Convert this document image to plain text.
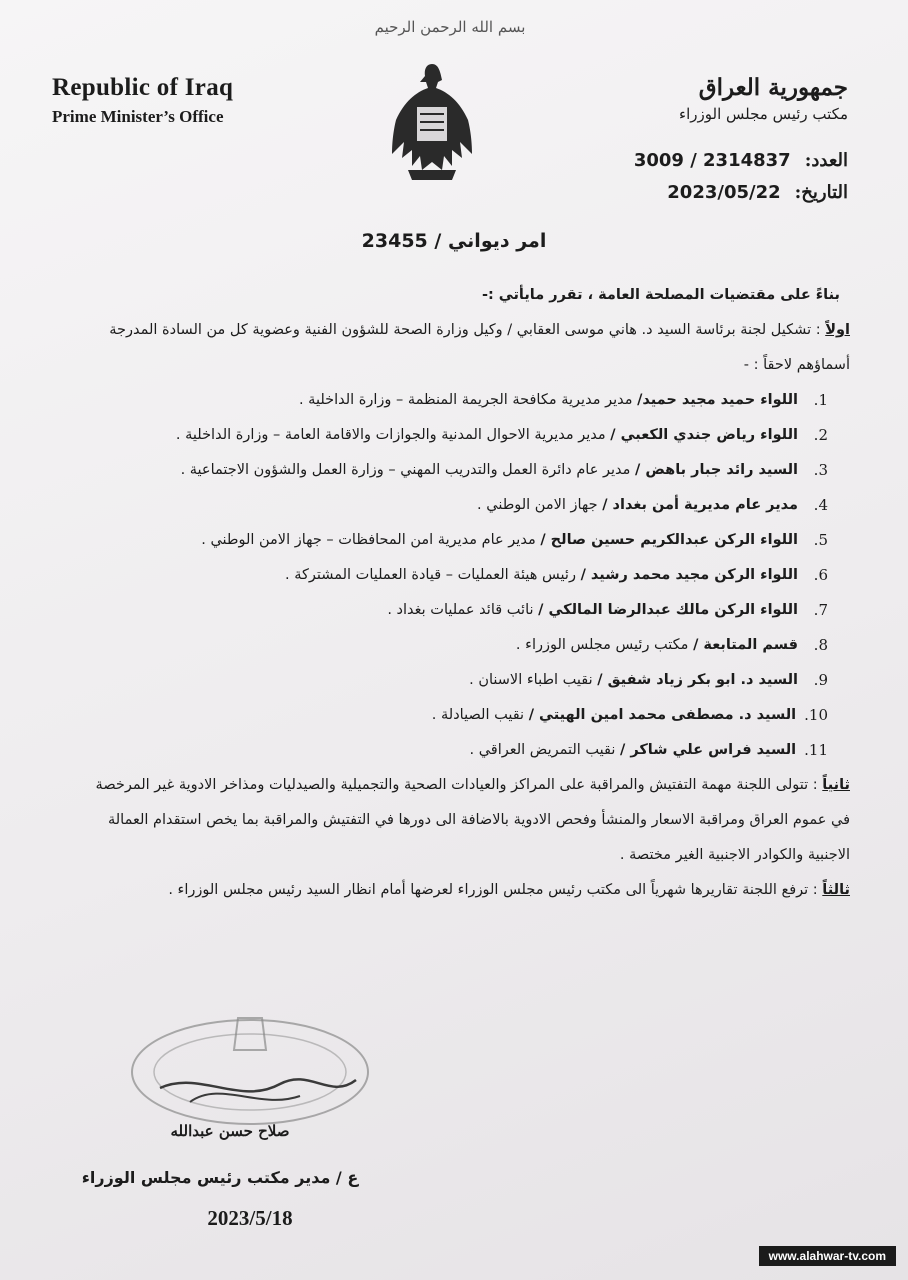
بسم الله الرحمن الرحيم
Republic of Iraq
Prime Minister’s Office
جمهورية العراق
مكتب رئيس مجلس الوزراء
العدد:
3009 / 2314837
التاريخ:
2023/05/22
امر ديواني / 23455
بناءً على مقتضيات المصلحة العامة ، تقرر مايأتي :-

اولاً : تشكيل لجنة برئاسة السيد د. هاني موسى العقابي / وكيل وزارة الصحة للشؤون الفنية وعضوية كل من السادة المدرجة أسماؤهم لاحقاً : -

1.
اللواء حميد مجيد حميد/ مدير مديرية مكافحة الجريمة المنظمة – وزارة الداخلية .
2.
اللواء رياض جندي الكعبي / مدير مديرية الاحوال المدنية والجوازات والاقامة العامة – وزارة الداخلية .
3.
السيد رائد جبار باهض / مدير عام دائرة العمل والتدريب المهني – وزارة العمل والشؤون الاجتماعية .
4.
مدير عام مديرية أمن بغداد / جهاز الامن الوطني .
5.
اللواء الركن عبدالكريم حسين صالح / مدير عام مديرية امن المحافظات – جهاز الامن الوطني .
6.
اللواء الركن مجيد محمد رشيد / رئيس هيئة العمليات – قيادة العمليات المشتركة .
7.
اللواء الركن مالك عبدالرضا المالكي / نائب قائد عمليات بغداد .
8.
قسم المتابعة / مكتب رئيس مجلس الوزراء .
9.
السيد د. ابو بكر زياد شفيق / نقيب اطباء الاسنان .
10.
السيد د. مصطفى محمد امين الهيتي / نقيب الصيادلة .
11.
السيد فراس علي شاكر / نقيب التمريض العراقي .

ثانياً : تتولى اللجنة مهمة التفتيش والمراقبة على المراكز والعيادات الصحية والتجميلية والصيدليات ومذاخر الادوية غير المرخصة في عموم العراق ومراقبة الاسعار والمنشأ وفحص الادوية بالاضافة الى دورها في التفتيش والمراقبة بما يخص استقدام العمالة الاجنبية والكوادر الاجنبية الغير مختصة .

ثالثاً : ترفع اللجنة تقاريرها شهرياً الى مكتب رئيس مجلس الوزراء لعرضها أمام انظار السيد رئيس مجلس الوزراء .

صلاح حسن عبدالله
ع / مدير مكتب رئيس مجلس الوزراء
2023/5/18
www.alahwar-tv.com
